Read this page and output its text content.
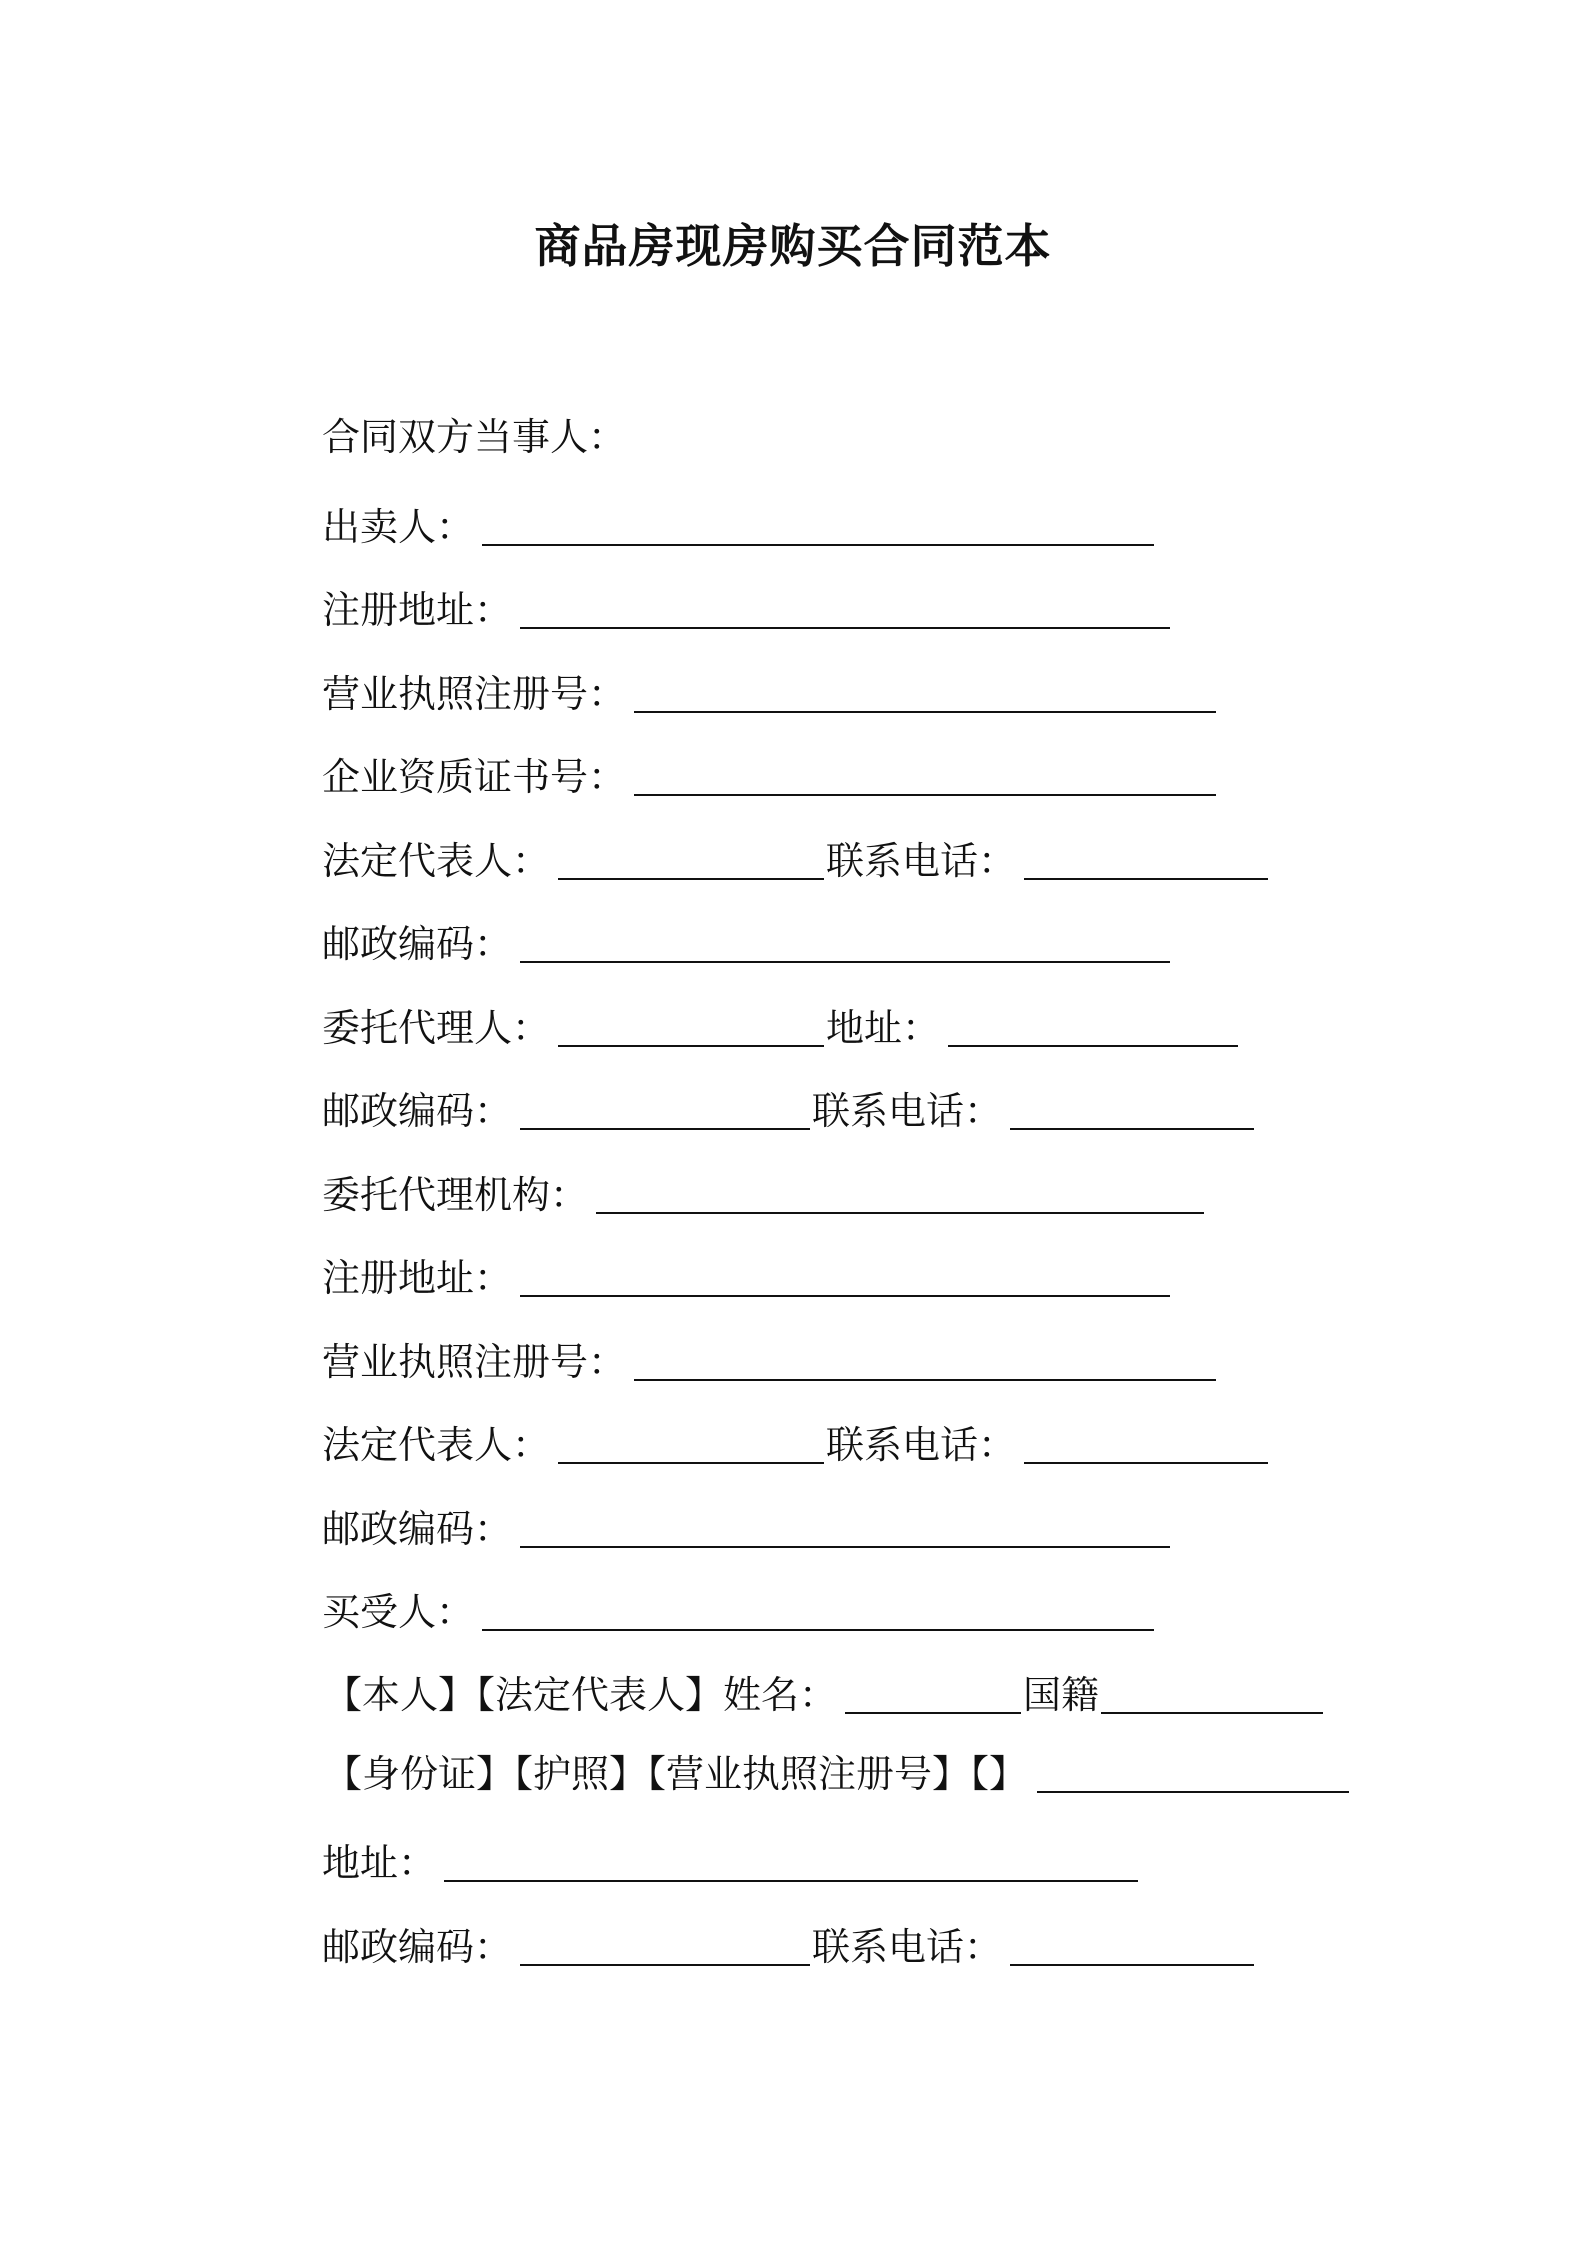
商品房现房购买合同范本
合同双方当事人：
出卖人：
注册地址：
营业执照注册号：
企业资质证书号：
法定代表人：	联系电话：
邮政编码：
委托代理人：	地址：
邮政编码：	联系电话：
委托代理机构：
注册地址：
营业执照注册号：
法定代表人：	联系电话：
邮政编码：
买受人：
【本人】【法定代表人】姓名：	国籍
【身份证】【护照】【营业执照注册号】【】
地址：
邮政编码：	联系电话：
